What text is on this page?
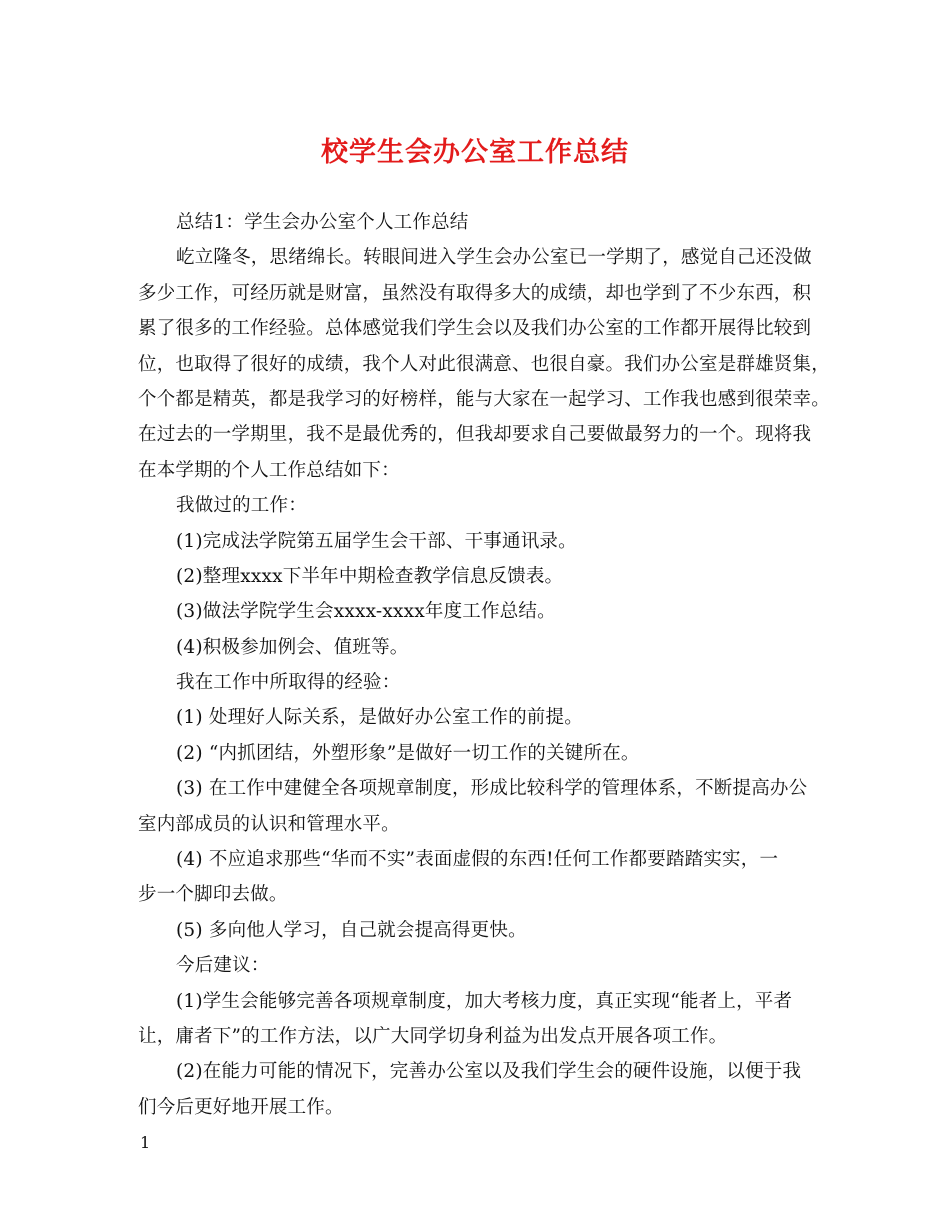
校学生会办公室工作总结
总结1：学生会办公室个人工作总结
屹立隆冬，思绪绵长。转眼间进入学生会办公室已一学期了，感觉自己还没做
多少工作，可经历就是财富，虽然没有取得多大的成绩，却也学到了不少东西，积
累了很多的工作经验。总体感觉我们学生会以及我们办公室的工作都开展得比较到
位，也取得了很好的成绩，我个人对此很满意、也很自豪。我们办公室是群雄贤集，
个个都是精英，都是我学习的好榜样，能与大家在一起学习、工作我也感到很荣幸。
在过去的一学期里，我不是最优秀的，但我却要求自己要做最努力的一个。现将我
在本学期的个人工作总结如下：
我做过的工作：
(1)完成法学院第五届学生会干部、干事通讯录。
(2)整理xxxx下半年中期检查教学信息反馈表。
(3)做法学院学生会xxxx-xxxx年度工作总结。
(4)积极参加例会、值班等。
我在工作中所取得的经验：
(1) 处理好人际关系，是做好办公室工作的前提。
(2) “内抓团结，外塑形象”是做好一切工作的关键所在。
(3) 在工作中建健全各项规章制度，形成比较科学的管理体系，不断提高办公
室内部成员的认识和管理水平。
(4) 不应追求那些“华而不实”表面虚假的东西!任何工作都要踏踏实实，一
步一个脚印去做。
(5) 多向他人学习，自己就会提高得更快。
今后建议：
(1)学生会能够完善各项规章制度，加大考核力度，真正实现“能者上，平者
让，庸者下”的工作方法，以广大同学切身利益为出发点开展各项工作。
(2)在能力可能的情况下，完善办公室以及我们学生会的硬件设施，以便于我
们今后更好地开展工作。
1
